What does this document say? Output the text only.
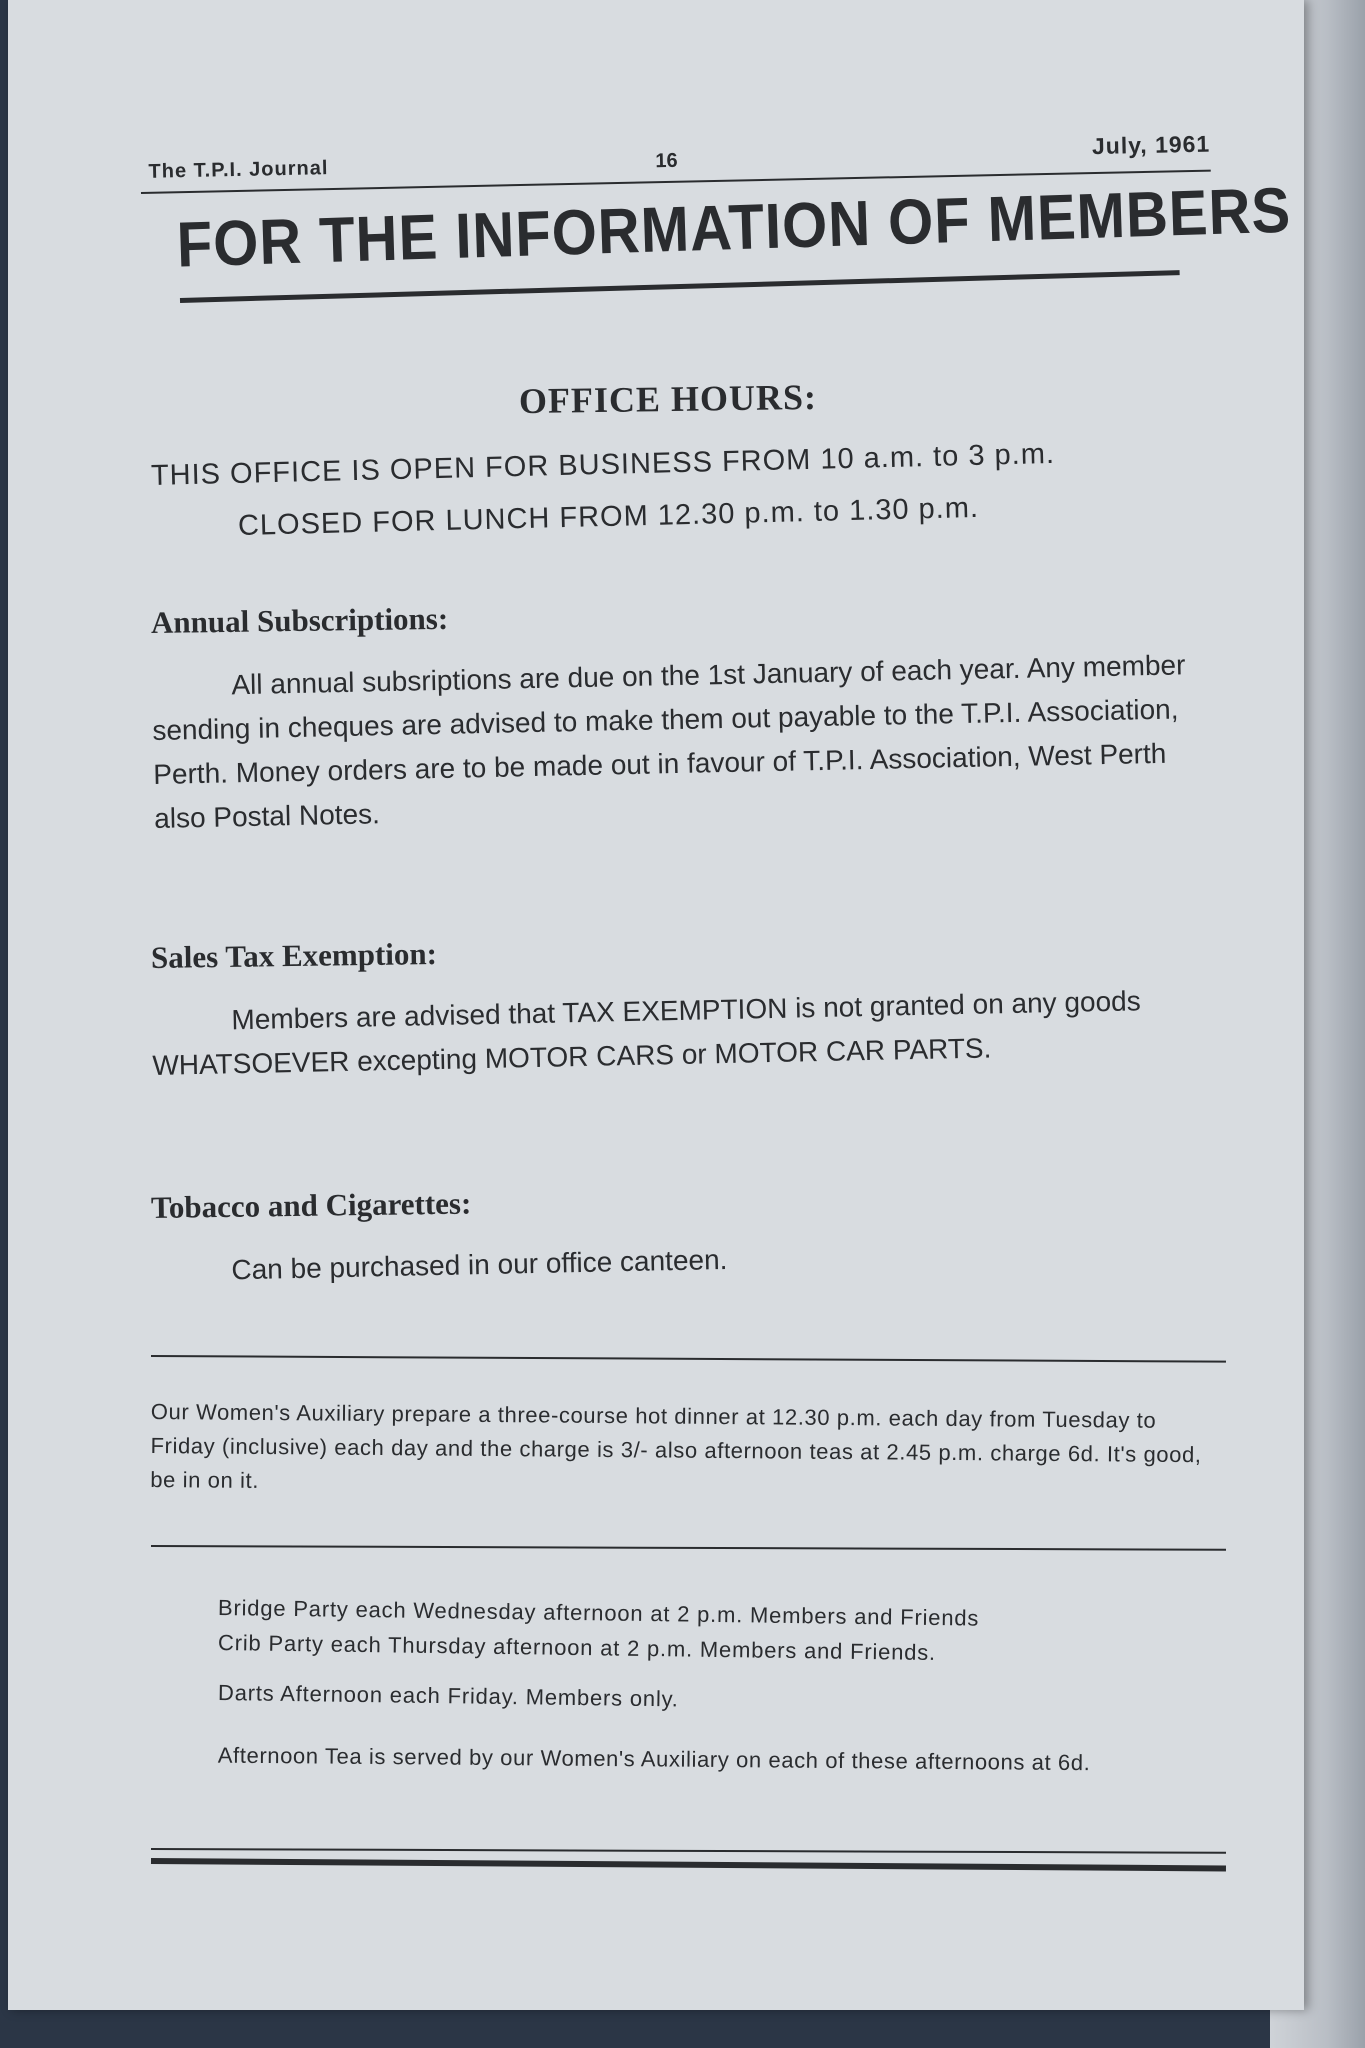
The T.P.I. Journal	16
July, 1961
FOR THE INFORMATION OF MEMBERS
OFFICE HOURS:
THIS OFFICE IS OPEN FOR BUSINESS FROM 10 a.m. to 3 p.m.
CLOSED FOR LUNCH FROM 12.30 p.m. to 1.30 p.m.
Annual Subscriptions:
All annual subsriptions are due on the 1st January of each year. Any member sending in cheques are advised to make them out payable to the T.P.I. Association, Perth. Money orders are to be made out in favour of T.P.I. Association, West Perth also Postal Notes.
Sales Tax Exemption:
Members are advised that TAX EXEMPTION is not granted on any goods WHATSOEVER excepting MOTOR CARS or MOTOR CAR PARTS.
Tobacco and Cigarettes:
Can be purchased in our office canteen.
Our Women's Auxiliary prepare a three-course hot dinner at 12.30 p.m. each day from Tuesday to Friday (inclusive) each day and the charge is 3/- also afternoon teas at 2.45 p.m. charge 6d. It's good, be in on it.
Bridge Party each Wednesday afternoon at 2 p.m. Members and Friends
Crib Party each Thursday afternoon at 2 p.m. Members and Friends.
Darts Afternoon each Friday. Members only.
Afternoon Tea is served by our Women's Auxiliary on each of these afternoons at 6d.
